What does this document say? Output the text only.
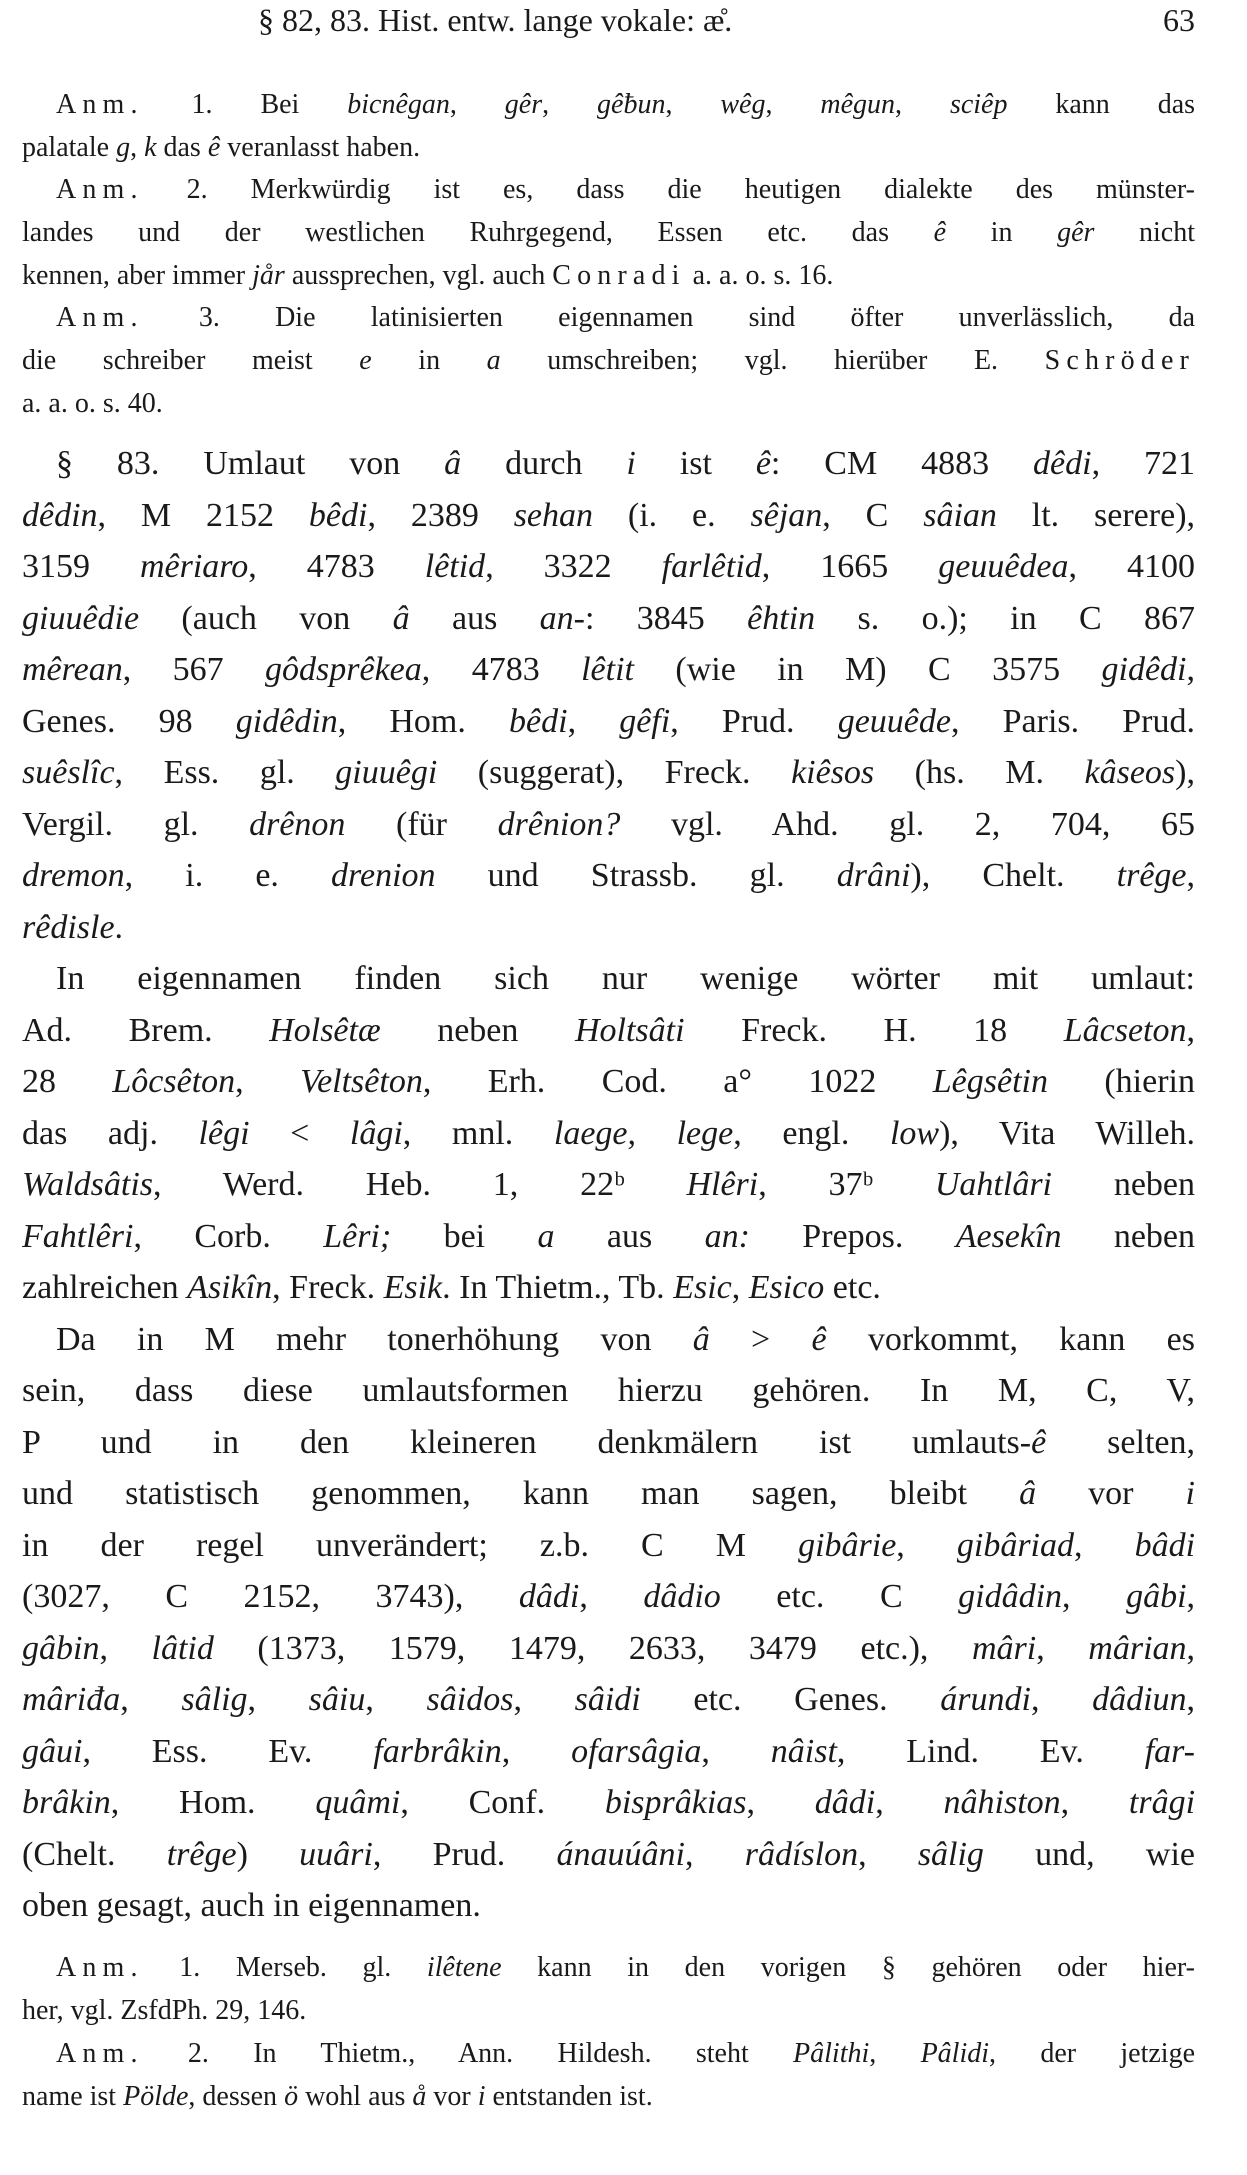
§ 82, 83. Hist. entw. lange vokale: æ̊.	63
Anm. 1. Bei bicnêgan, gêr, gêƀun, wêg, mêgun, sciêp kann das
palatale g, k das ê veranlasst haben.
Anm. 2. Merkwürdig ist es, dass die heutigen dialekte des münster-
landes und der westlichen Ruhrgegend, Essen etc. das ê in gêr nicht
kennen, aber immer jår aussprechen, vgl. auch Conradi a. a. o. s. 16.
Anm. 3. Die latinisierten eigennamen sind öfter unverlässlich, da
die schreiber meist e in a umschreiben; vgl. hierüber E. Schröder
a. a. o. s. 40.
§ 83. Umlaut von â durch i ist ê: CM 4883 dêdi, 721
dêdin, M 2152 bêdi, 2389 sehan (i. e. sêjan, C sâian lt. serere),
3159 mêriaro, 4783 lêtid, 3322 farlêtid, 1665 geuuêdea, 4100
giuuêdie (auch von â aus an-: 3845 êhtin s. o.); in C 867
mêrean, 567 gôdsprêkea, 4783 lêtit (wie in M) C 3575 gidêdi,
Genes. 98 gidêdin, Hom. bêdi, gêfi, Prud. geuuêde, Paris. Prud.
suêslîc, Ess. gl. giuuêgi (suggerat), Freck. kiêsos (hs. M. kâseos),
Vergil. gl. drênon (für drênion? vgl. Ahd. gl. 2, 704, 65
dremon, i. e. drenion und Strassb. gl. drâni), Chelt. trêge,
rêdisle.
In eigennamen finden sich nur wenige wörter mit umlaut:
Ad. Brem. Holsêtæ neben Holtsâti Freck. H. 18 Lâcseton,
28 Lôcsêton, Veltsêton, Erh. Cod. a° 1022 Lêgsêtin (hierin
das adj. lêgi < lâgi, mnl. laege, lege, engl. low), Vita Willeh.
Waldsâtis, Werd. Heb. 1, 22ᵇ Hlêri, 37ᵇ Uahtlâri neben
Fahtlêri, Corb. Lêri; bei a aus an: Prepos. Aesekîn neben
zahlreichen Asikîn, Freck. Esik. In Thietm., Tb. Esic, Esico etc.
Da in M mehr tonerhöhung von â > ê vorkommt, kann es
sein, dass diese umlautsformen hierzu gehören. In M, C, V,
P und in den kleineren denkmälern ist umlauts-ê selten,
und statistisch genommen, kann man sagen, bleibt â vor i
in der regel unverändert; z.b. C M gibârie, gibâriad, bâdi
(3027, C 2152, 3743), dâdi, dâdio etc. C gidâdin, gâbi,
gâbin, lâtid (1373, 1579, 1479, 2633, 3479 etc.), mâri, mârian,
mâriđa, sâlig, sâiu, sâidos, sâidi etc. Genes. árundi, dâdiun,
gâui, Ess. Ev. farbrâkin, ofarsâgia, nâist, Lind. Ev. far-
brâkin, Hom. quâmi, Conf. bisprâkias, dâdi, nâhiston, trâgi
(Chelt. trêge) uuâri, Prud. ánauúâni, râdíslon, sâlig und, wie
oben gesagt, auch in eigennamen.
Anm. 1. Merseb. gl. ilêtene kann in den vorigen § gehören oder hier-
her, vgl. ZsfdPh. 29, 146.
Anm. 2. In Thietm., Ann. Hildesh. steht Pâlithi, Pâlidi, der jetzige
name ist Pölde, dessen ö wohl aus å vor i entstanden ist.
